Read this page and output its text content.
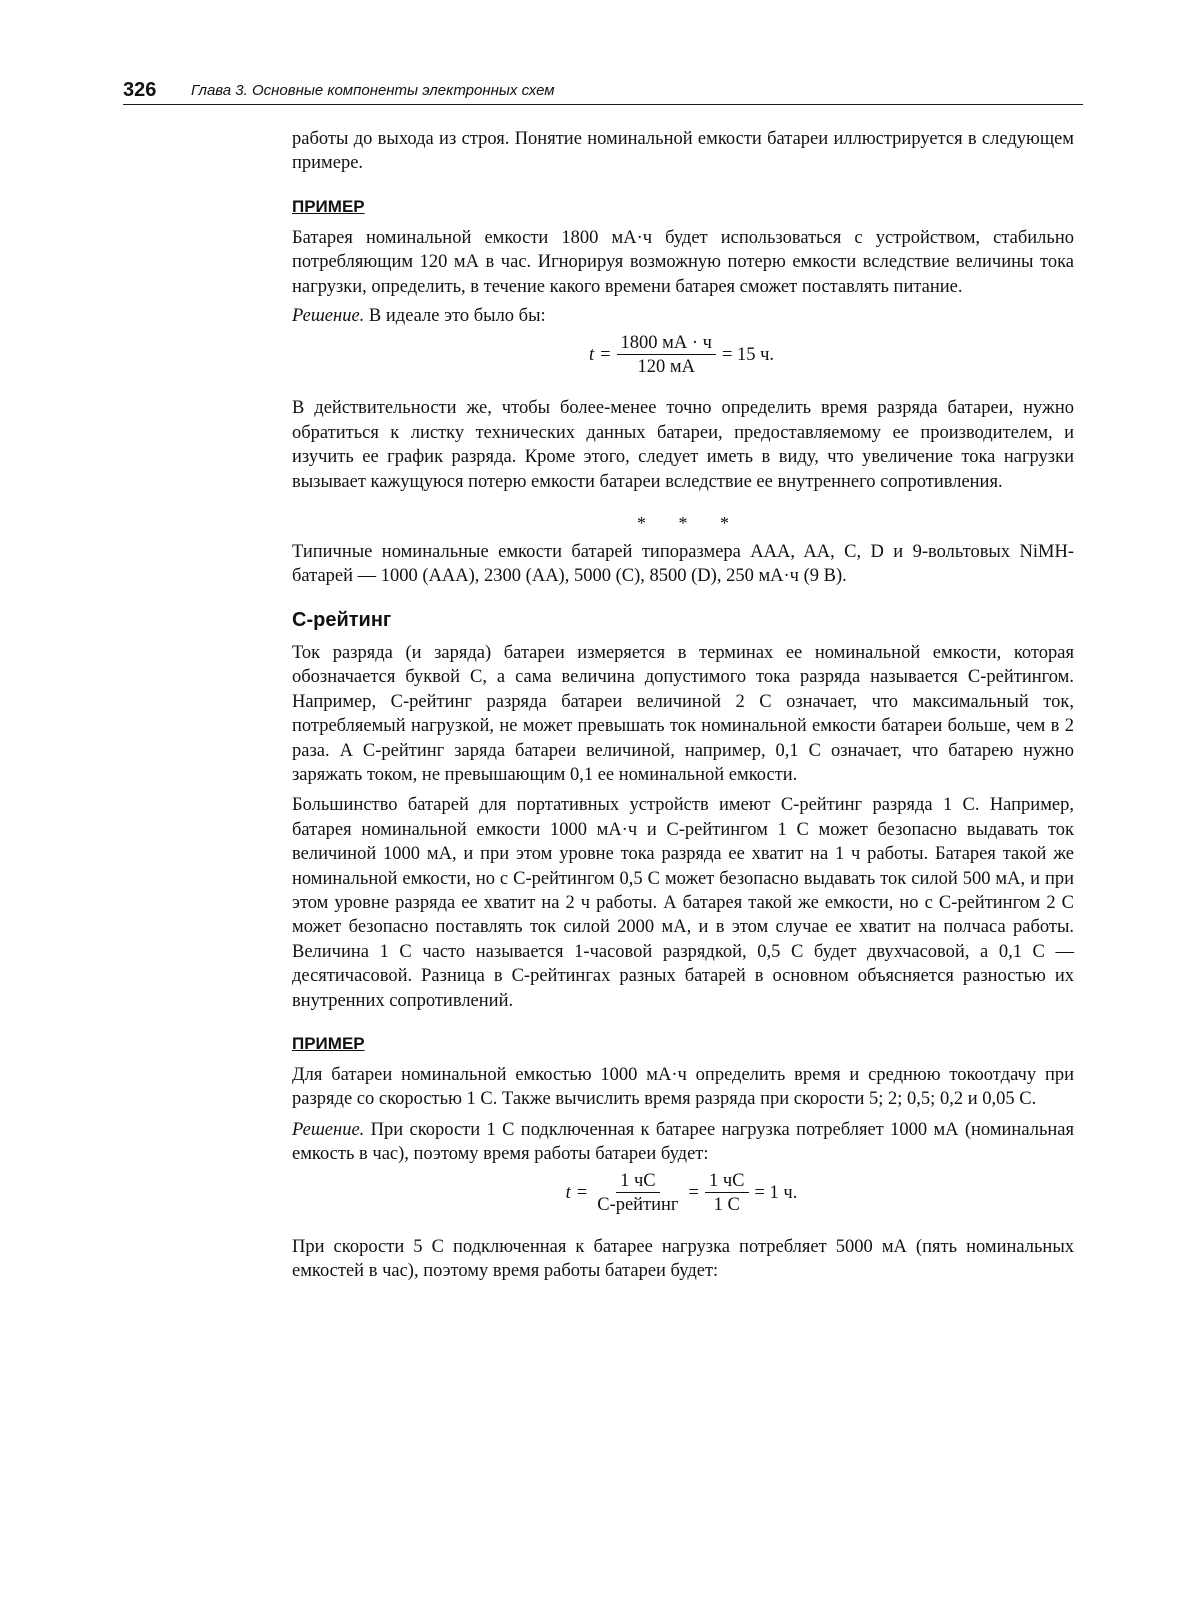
326 Глава 3. Основные компоненты электронных схем

работы до выхода из строя. Понятие номинальной емкости батареи иллюстрируется в следующем примере.

ПРИМЕР

Батарея номинальной емкости 1800 мА·ч будет использоваться с устройством, стабильно потребляющим 120 мА в час. Игнорируя возможную потерю емкости вследствие величины тока нагрузки, определить, в течение какого времени батарея сможет поставлять питание.

Решение. В идеале это было бы:

$t = \frac{1800 мА \cdot ч}{120 мА} = 15$ ч.

В действительности же, чтобы более-менее точно определить время разряда батареи, нужно обратиться к листку технических данных батареи, предоставляемому ее производителем, и изучить ее график разряда. Кроме этого, следует иметь в виду, что увеличение тока нагрузки вызывает кажущуюся потерю емкости батареи вследствие ее внутреннего сопротивления.

* * *

Типичные номинальные емкости батарей типоразмера AAA, AA, C, D и 9-вольтовых NiMH-батарей — 1000 (AAA), 2300 (AA), 5000 (C), 8500 (D), 250 мА·ч (9 В).

С-рейтинг

Ток разряда (и заряда) батареи измеряется в терминах ее номинальной емкости, которая обозначается буквой C, а сама величина допустимого тока разряда называется C-рейтингом. Например, C-рейтинг разряда батареи величиной 2 C означает, что максимальный ток, потребляемый нагрузкой, не может превышать ток номинальной емкости батареи больше, чем в 2 раза. А C-рейтинг заряда батареи величиной, например, 0,1 C означает, что батарею нужно заряжать током, не превышающим 0,1 ее номинальной емкости.

Большинство батарей для портативных устройств имеют C-рейтинг разряда 1 C. Например, батарея номинальной емкости 1000 мА·ч и C-рейтингом 1 C может безопасно выдавать ток величиной 1000 мА, и при этом уровне тока разряда ее хватит на 1 ч работы. Батарея такой же номинальной емкости, но с C-рейтингом 0,5 C может безопасно выдавать ток силой 500 мА, и при этом уровне разряда ее хватит на 2 ч работы. А батарея такой же емкости, но с C-рейтингом 2 C может безопасно поставлять ток силой 2000 мА, и в этом случае ее хватит на полчаса работы. Величина 1 C часто называется 1-часовой разрядкой, 0,5 C будет двухчасовой, а 0,1 C — десятичасовой. Разница в C-рейтингах разных батарей в основном объясняется разностью их внутренних сопротивлений.

ПРИМЕР

Для батареи номинальной емкостью 1000 мА·ч определить время и среднюю токоотдачу при разряде со скоростью 1 C. Также вычислить время разряда при скорости 5; 2; 0,5; 0,2 и 0,05 C.

Решение. При скорости 1 C подключенная к батарее нагрузка потребляет 1000 мА (номинальная емкость в час), поэтому время работы батареи будет:

$t = \frac{1 чC}{\text{C-рейтинг}} = \frac{1 чC}{1 C} = 1$ ч.

При скорости 5 C подключенная к батарее нагрузка потребляет 5000 мА (пять номинальных емкостей в час), поэтому время работы батареи будет:
